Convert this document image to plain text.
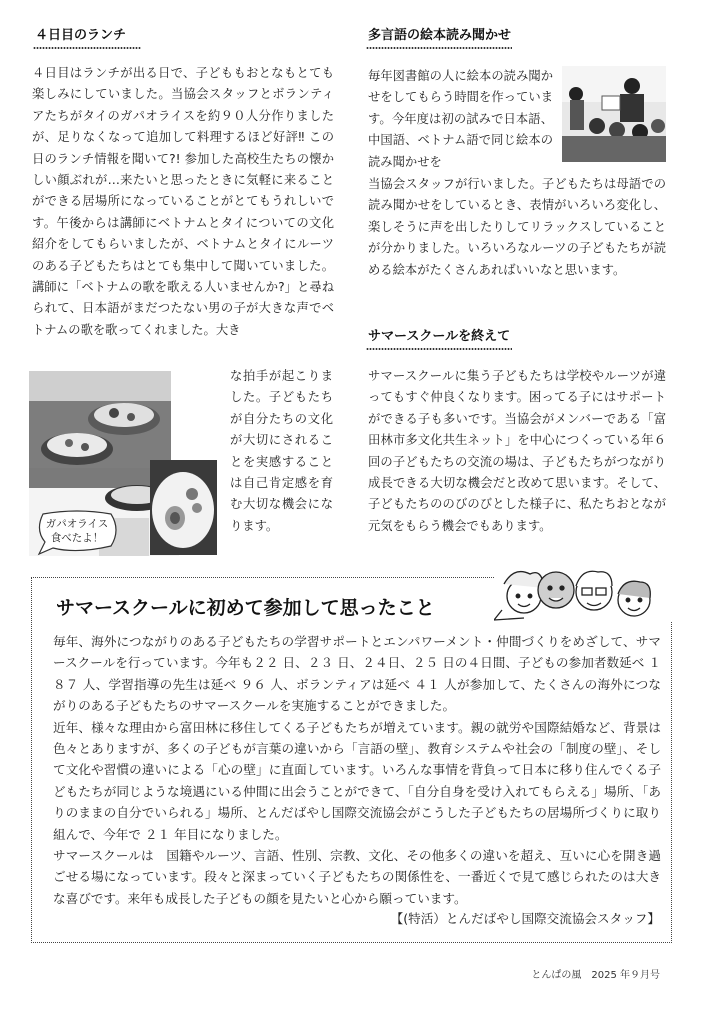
４日目のランチ

４日目はランチが出る日で、子どももおとなもとても楽しみにしていました。当協会スタッフとボランティアたちがタイのガパオライスを約９０人分作りましたが、足りなくなって追加して料理するほど好評‼ この日のランチ情報を聞いて?! 参加した高校生たちの懐かしい顔ぶれが…来たいと思ったときに気軽に来ることができる居場所になっていることがとてもうれしいです。午後からは講師にベトナムとタイについての文化紹介をしてもらいましたが、ベトナムとタイにルーツのある子どもたちはとても集中して聞いていました。講師に「ベトナムの歌を歌える人いませんか?」と尋ねられて、日本語がまだつたない男の子が大きな声でベトナムの歌を歌ってくれました。大き

ガパオライス
食べたよ！

な拍手が起こりました。子どもたちが自分たちの文化が大切にされることを実感することは自己肯定感を育む大切な機会になります。

多言語の絵本読み聞かせ

毎年図書館の人に絵本の読み聞かせをしてもらう時間を作っています。今年度は初の試みで日本語、中国語、ベトナム語で同じ絵本の読み聞かせを

当協会スタッフが行いました。子どもたちは母語での読み聞かせをしているとき、表情がいろいろ変化し、楽しそうに声を出したりしてリラックスしていることが分かりました。いろいろなルーツの子どもたちが読める絵本がたくさんあればいいなと思います。

サマースクールを終えて

サマースクールに集う子どもたちは学校やルーツが違ってもすぐ仲良くなります。困ってる子にはサポートができる子も多いです。当協会がメンバーである「富田林市多文化共生ネット」を中心につくっている年６回の子どもたちの交流の場は、子どもたちがつながり成長できる大切な機会だと改めて思います。そして、子どもたちののびのびとした様子に、私たちおとなが元気をもらう機会でもあります。

サマースクールに初めて参加して思ったこと

毎年、海外につながりのある子どもたちの学習サポートとエンパワーメント・仲間づくりをめざして、サマースクールを行っています。今年も２２ 日、２３ 日、２４日、２５ 日の４日間、子どもの参加者数延べ １８７ 人、学習指導の先生は延べ ９６ 人、ボランティアは延べ ４１ 人が参加して、たくさんの海外につながりのある子どもたちのサマースクールを実施することができました。

近年、様々な理由から富田林に移住してくる子どもたちが増えています。親の就労や国際結婚など、背景は色々とありますが、多くの子どもが言葉の違いから「言語の壁」、教育システムや社会の「制度の壁」、そして文化や習慣の違いによる「心の壁」に直面しています。いろんな事情を背負って日本に移り住んでくる子どもたちが同じような境遇にいる仲間に出会うことができて、「自分自身を受け入れてもらえる」場所、「ありのままの自分でいられる」場所、とんだばやし国際交流協会がこうした子どもたちの居場所づくりに取り組んで、今年で ２１ 年目になりました。

サマースクールは　国籍やルーツ、言語、性別、宗教、文化、その他多くの違いを超え、互いに心を開き過ごせる場になっています。段々と深まっていく子どもたちの関係性を、一番近くで見て感じられたのは大きな喜びです。来年も成長した子どもの顔を見たいと心から願っています。

【(特活）とんだばやし国際交流協会スタッフ】
とんぱの風　2025 年９月号
